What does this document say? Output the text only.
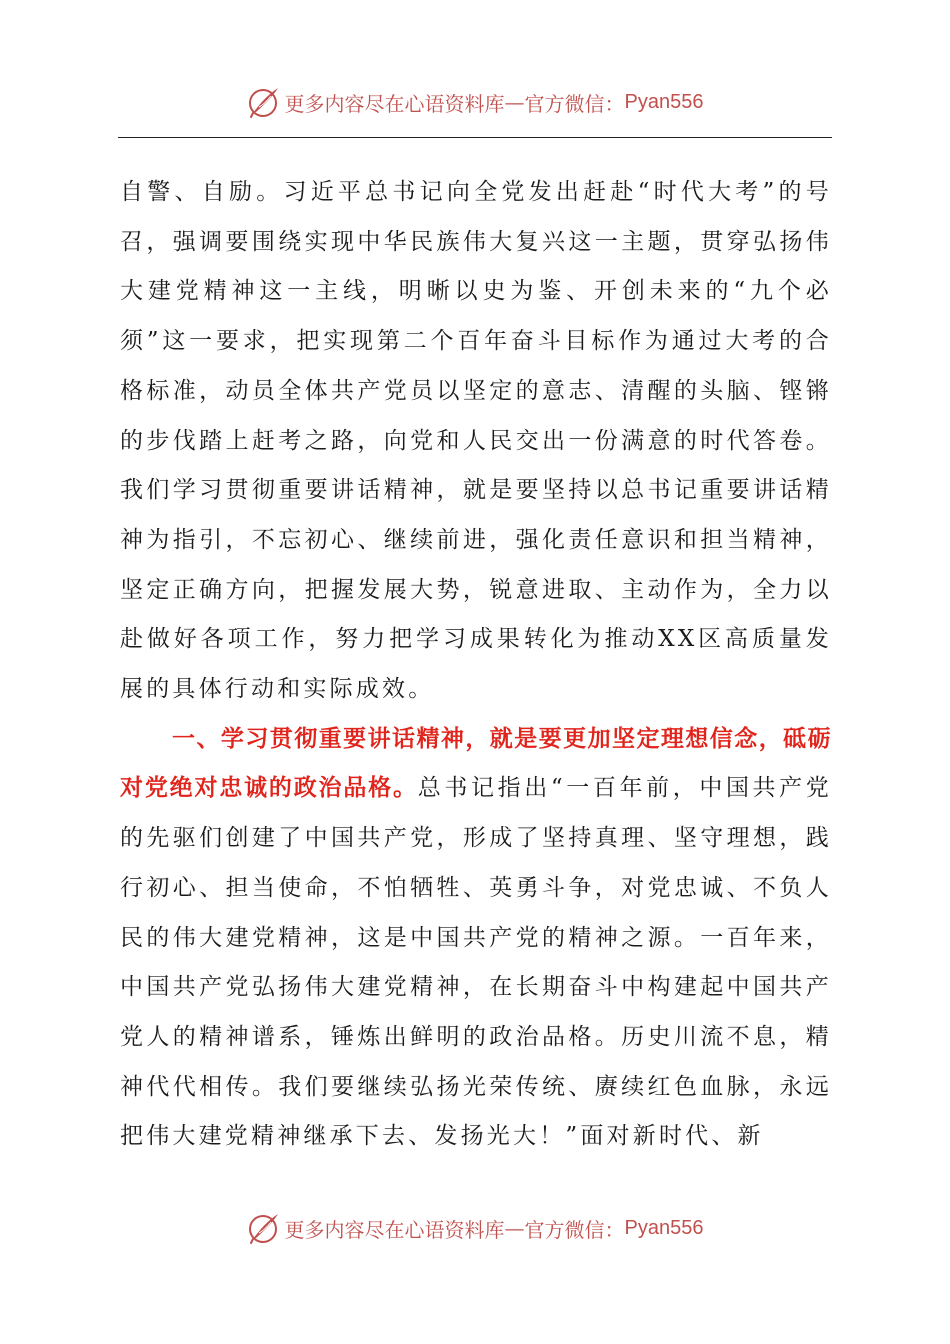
更多内容尽在心语资料库 — 官方微信： Pyan556

自警、自励。习近平总书记向全党发出赶赴“时代大考”的号召，强调要围绕实现中华民族伟大复兴这一主题，贯穿弘扬伟大建党精神这一主线，明晰以史为鉴、开创未来的“九个必须”这一要求，把实现第二个百年奋斗目标作为通过大考的合格标准，动员全体共产党员以坚定的意志、清醒的头脑、铿锵的步伐踏上赶考之路，向党和人民交出一份满意的时代答卷。我们学习贯彻重要讲话精神，就是要坚持以总书记重要讲话精神为指引，不忘初心、继续前进，强化责任意识和担当精神，坚定正确方向，把握发展大势，锐意进取、主动作为，全力以赴做好各项工作，努力把学习成果转化为推动XX区高质量发展的具体行动和实际成效。

一、学习贯彻重要讲话精神，就是要更加坚定理想信念，砥砺对党绝对忠诚的政治品格。总书记指出“一百年前，中国共产党的先驱们创建了中国共产党，形成了坚持真理、坚守理想，践行初心、担当使命，不怕牺牲、英勇斗争，对党忠诚、不负人民的伟大建党精神，这是中国共产党的精神之源。一百年来，中国共产党弘扬伟大建党精神，在长期奋斗中构建起中国共产党人的精神谱系，锤炼出鲜明的政治品格。历史川流不息，精神代代相传。我们要继续弘扬光荣传统、赓续红色血脉，永远把伟大建党精神继承下去、发扬光大！”面对新时代、新

更多内容尽在心语资料库 — 官方微信： Pyan556
